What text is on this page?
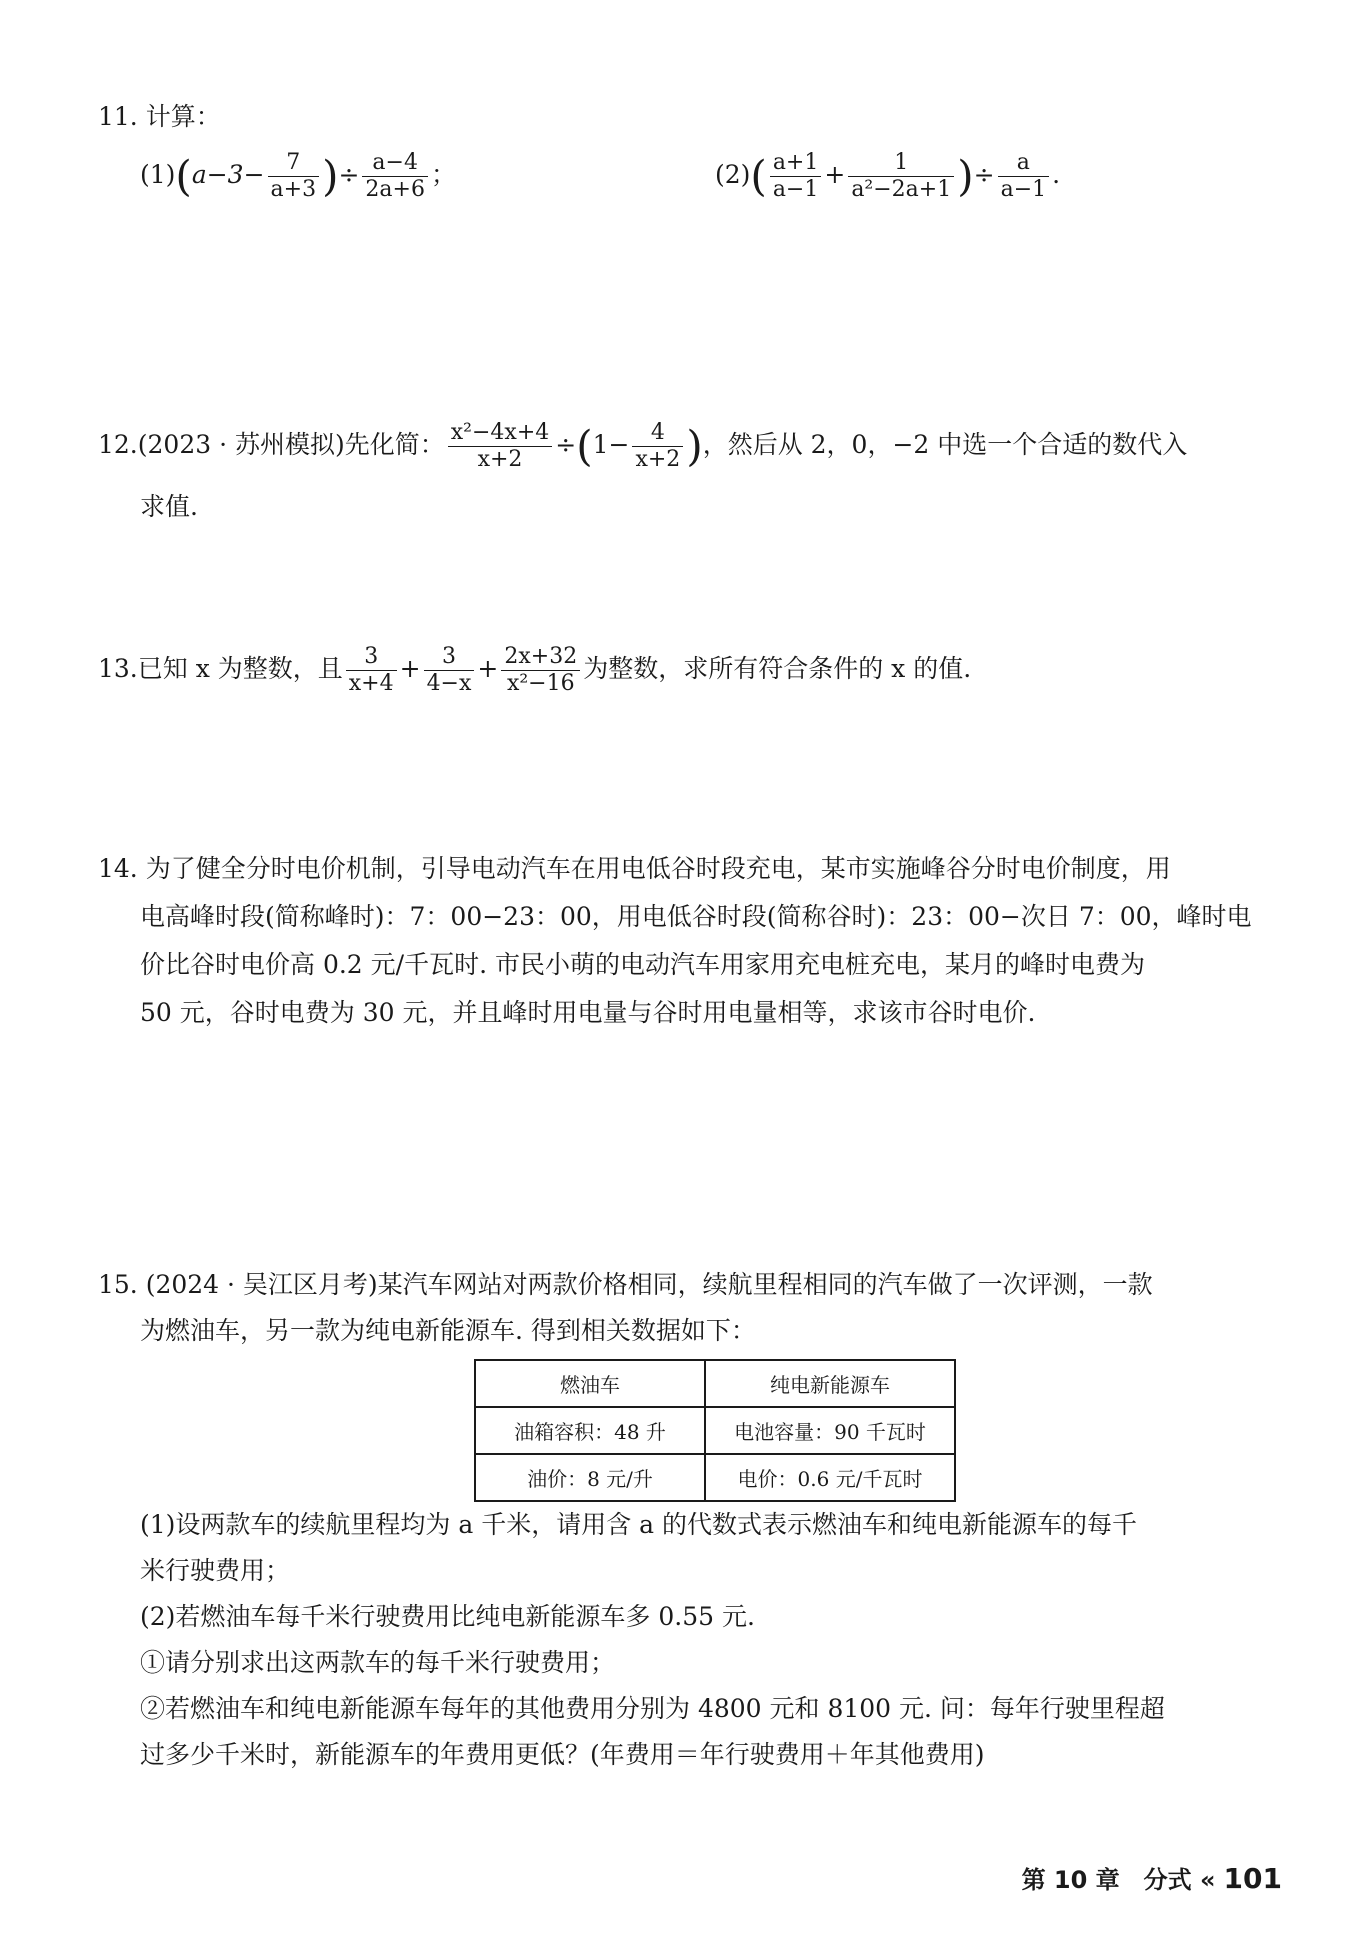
11. 计算：
$(1)(a-3- \frac{7}{a+3}$ )÷ $\frac{a-4}{2a+6}$ ；	$(2)( \frac{a+1}{a-1} + \frac{1}{\text{a²−2a+1}}$ )÷ $\frac{a}{a-1}$ .
12.(2023 · 苏州模拟)先化简： $\frac{\text{x²−4x+4}}{x+2} \div(1- \frac{4}{x+2}$ )，然后从 2，0，−2 中选一个合适的数代入
求值.
13.已知 x 为整数，且 $\frac{3}{x+4} + \frac{3}{4-x} + \frac{2x+32}{\text{x²−16}}$ 为整数，求所有符合条件的 x 的值.
14. 为了健全分时电价机制，引导电动汽车在用电低谷时段充电，某市实施峰谷分时电价制度，用
电高峰时段(简称峰时)：7：00−23：00，用电低谷时段(简称谷时)：23：00−次日 7：00，峰时电
价比谷时电价高 0.2 元/千瓦时. 市民小萌的电动汽车用家用充电桩充电，某月的峰时电费为
50 元，谷时电费为 30 元，并且峰时用电量与谷时用电量相等，求该市谷时电价.
15. (2024 · 吴江区月考)某汽车网站对两款价格相同，续航里程相同的汽车做了一次评测，一款
为燃油车，另一款为纯电新能源车. 得到相关数据如下：
燃油车	纯电新能源车
油箱容积：48 升	电池容量：90 千瓦时
油价：8 元/升	电价：0.6 元/千瓦时
(1)设两款车的续航里程均为 a 千米，请用含 a 的代数式表示燃油车和纯电新能源车的每千
米行驶费用；
(2)若燃油车每千米行驶费用比纯电新能源车多 0.55 元.
①请分别求出这两款车的每千米行驶费用；
②若燃油车和纯电新能源车每年的其他费用分别为 4800 元和 8100 元. 问：每年行驶里程超
过多少千米时，新能源车的年费用更低？(年费用＝年行驶费用＋年其他费用)
第 10 章　分式 « 101
